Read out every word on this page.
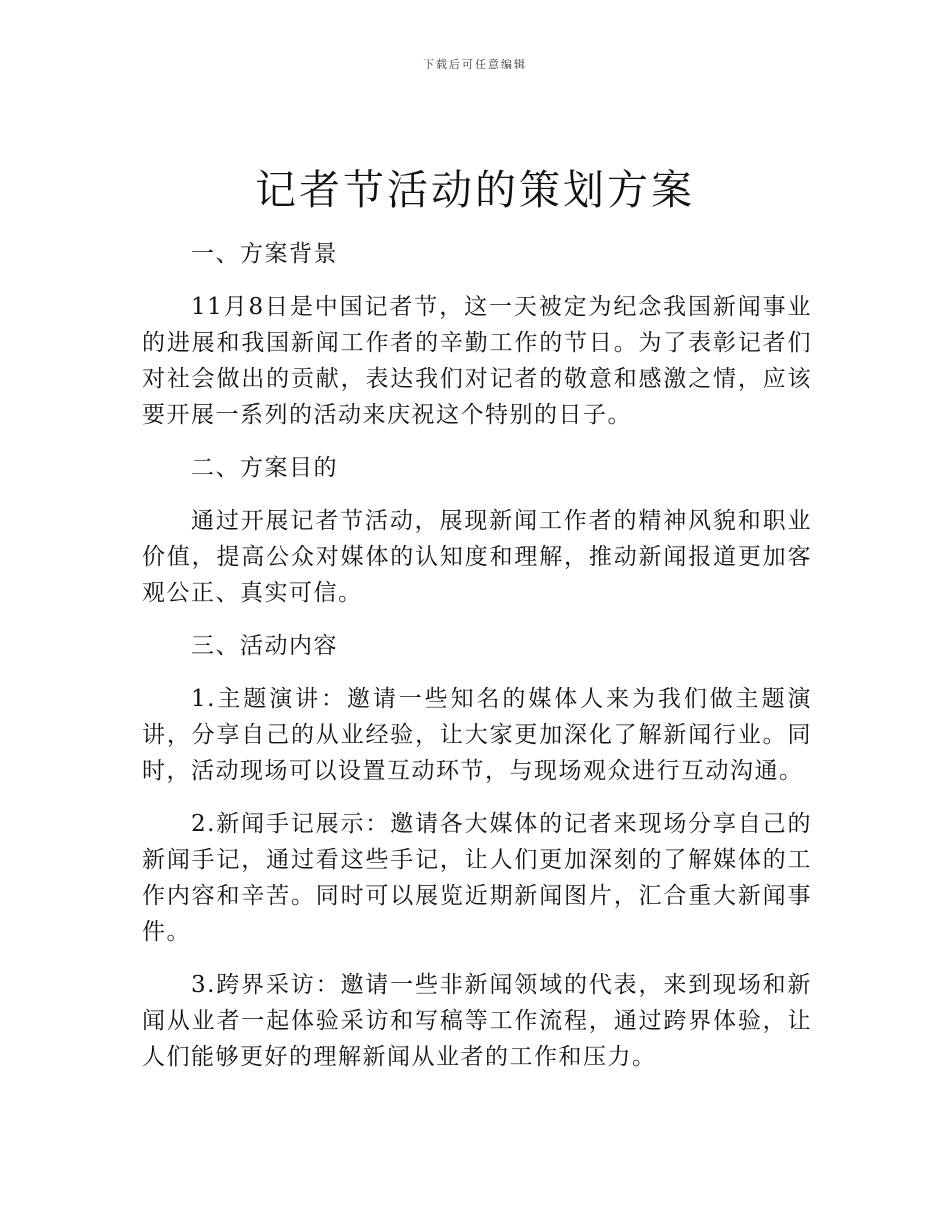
下载后可任意编辑
记者节活动的策划方案

一、方案背景

11月8日是中国记者节，这一天被定为纪念我国新闻事业的进展和我国新闻工作者的辛勤工作的节日。为了表彰记者们对社会做出的贡献，表达我们对记者的敬意和感激之情，应该要开展一系列的活动来庆祝这个特别的日子。

二、方案目的

通过开展记者节活动，展现新闻工作者的精神风貌和职业价值，提高公众对媒体的认知度和理解，推动新闻报道更加客观公正、真实可信。

三、活动内容

1.主题演讲：邀请一些知名的媒体人来为我们做主题演讲，分享自己的从业经验，让大家更加深化了解新闻行业。同时，活动现场可以设置互动环节，与现场观众进行互动沟通。

2.新闻手记展示：邀请各大媒体的记者来现场分享自己的新闻手记，通过看这些手记，让人们更加深刻的了解媒体的工作内容和辛苦。同时可以展览近期新闻图片，汇合重大新闻事件。

3.跨界采访：邀请一些非新闻领域的代表，来到现场和新闻从业者一起体验采访和写稿等工作流程，通过跨界体验，让人们能够更好的理解新闻从业者的工作和压力。
